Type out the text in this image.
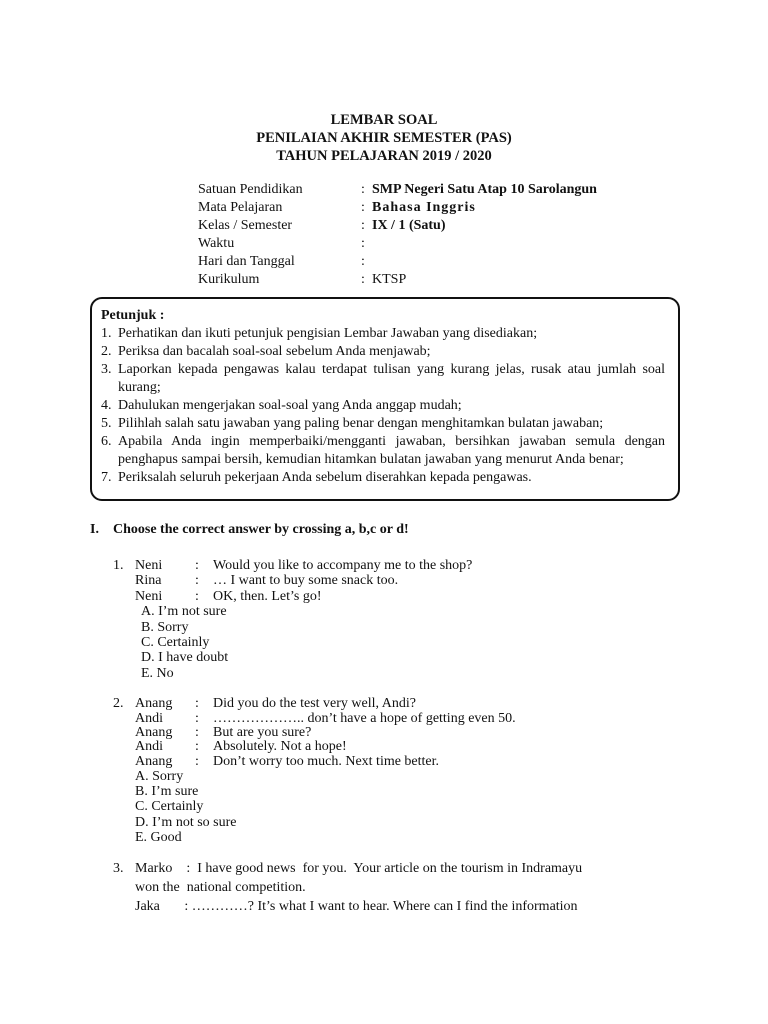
LEMBAR SOAL
PENILAIAN AKHIR SEMESTER (PAS)
TAHUN PELAJARAN 2019 / 2020
Satuan Pendidikan	: SMP Negeri Satu Atap 10 Sarolangun
Mata Pelajaran	: Bahasa Inggris
Kelas / Semester	: IX / 1 (Satu)
Waktu	:
Hari dan Tanggal	:
Kurikulum	: KTSP
Petunjuk :
1. Perhatikan dan ikuti petunjuk pengisian Lembar Jawaban yang disediakan;
2. Periksa dan bacalah soal-soal sebelum Anda menjawab;
3. Laporkan kepada pengawas kalau terdapat tulisan yang kurang jelas, rusak atau jumlah soal kurang;
4. Dahulukan mengerjakan soal-soal yang Anda anggap mudah;
5. Pilihlah salah satu jawaban yang paling benar dengan menghitamkan bulatan jawaban;
6. Apabila Anda ingin memperbaiki/mengganti jawaban, bersihkan jawaban semula dengan penghapus sampai bersih, kemudian hitamkan bulatan jawaban yang menurut Anda benar;
7. Periksalah seluruh pekerjaan Anda sebelum diserahkan kepada pengawas.
I. Choose the correct answer by crossing a, b,c or d!
1. Neni : Would you like to accompany me to the shop?
Rina : … I want to buy some snack too.
Neni : OK, then. Let’s go!
A. I’m not sure
B. Sorry
C. Certainly
D. I have doubt
E. No
2. Anang : Did you do the test very well, Andi?
Andi : ……………….. don’t have a hope of getting even 50.
Anang : But are you sure?
Andi : Absolutely. Not a hope!
Anang : Don’t worry too much. Next time better.
A. Sorry
B. I’m sure
C. Certainly
D. I’m not so sure
E. Good
3. Marko    :  I have good news  for you.  Your article on the tourism in Indramayu
won the  national competition.
Jaka       : …………? It’s what I want to hear. Where can I find the information
